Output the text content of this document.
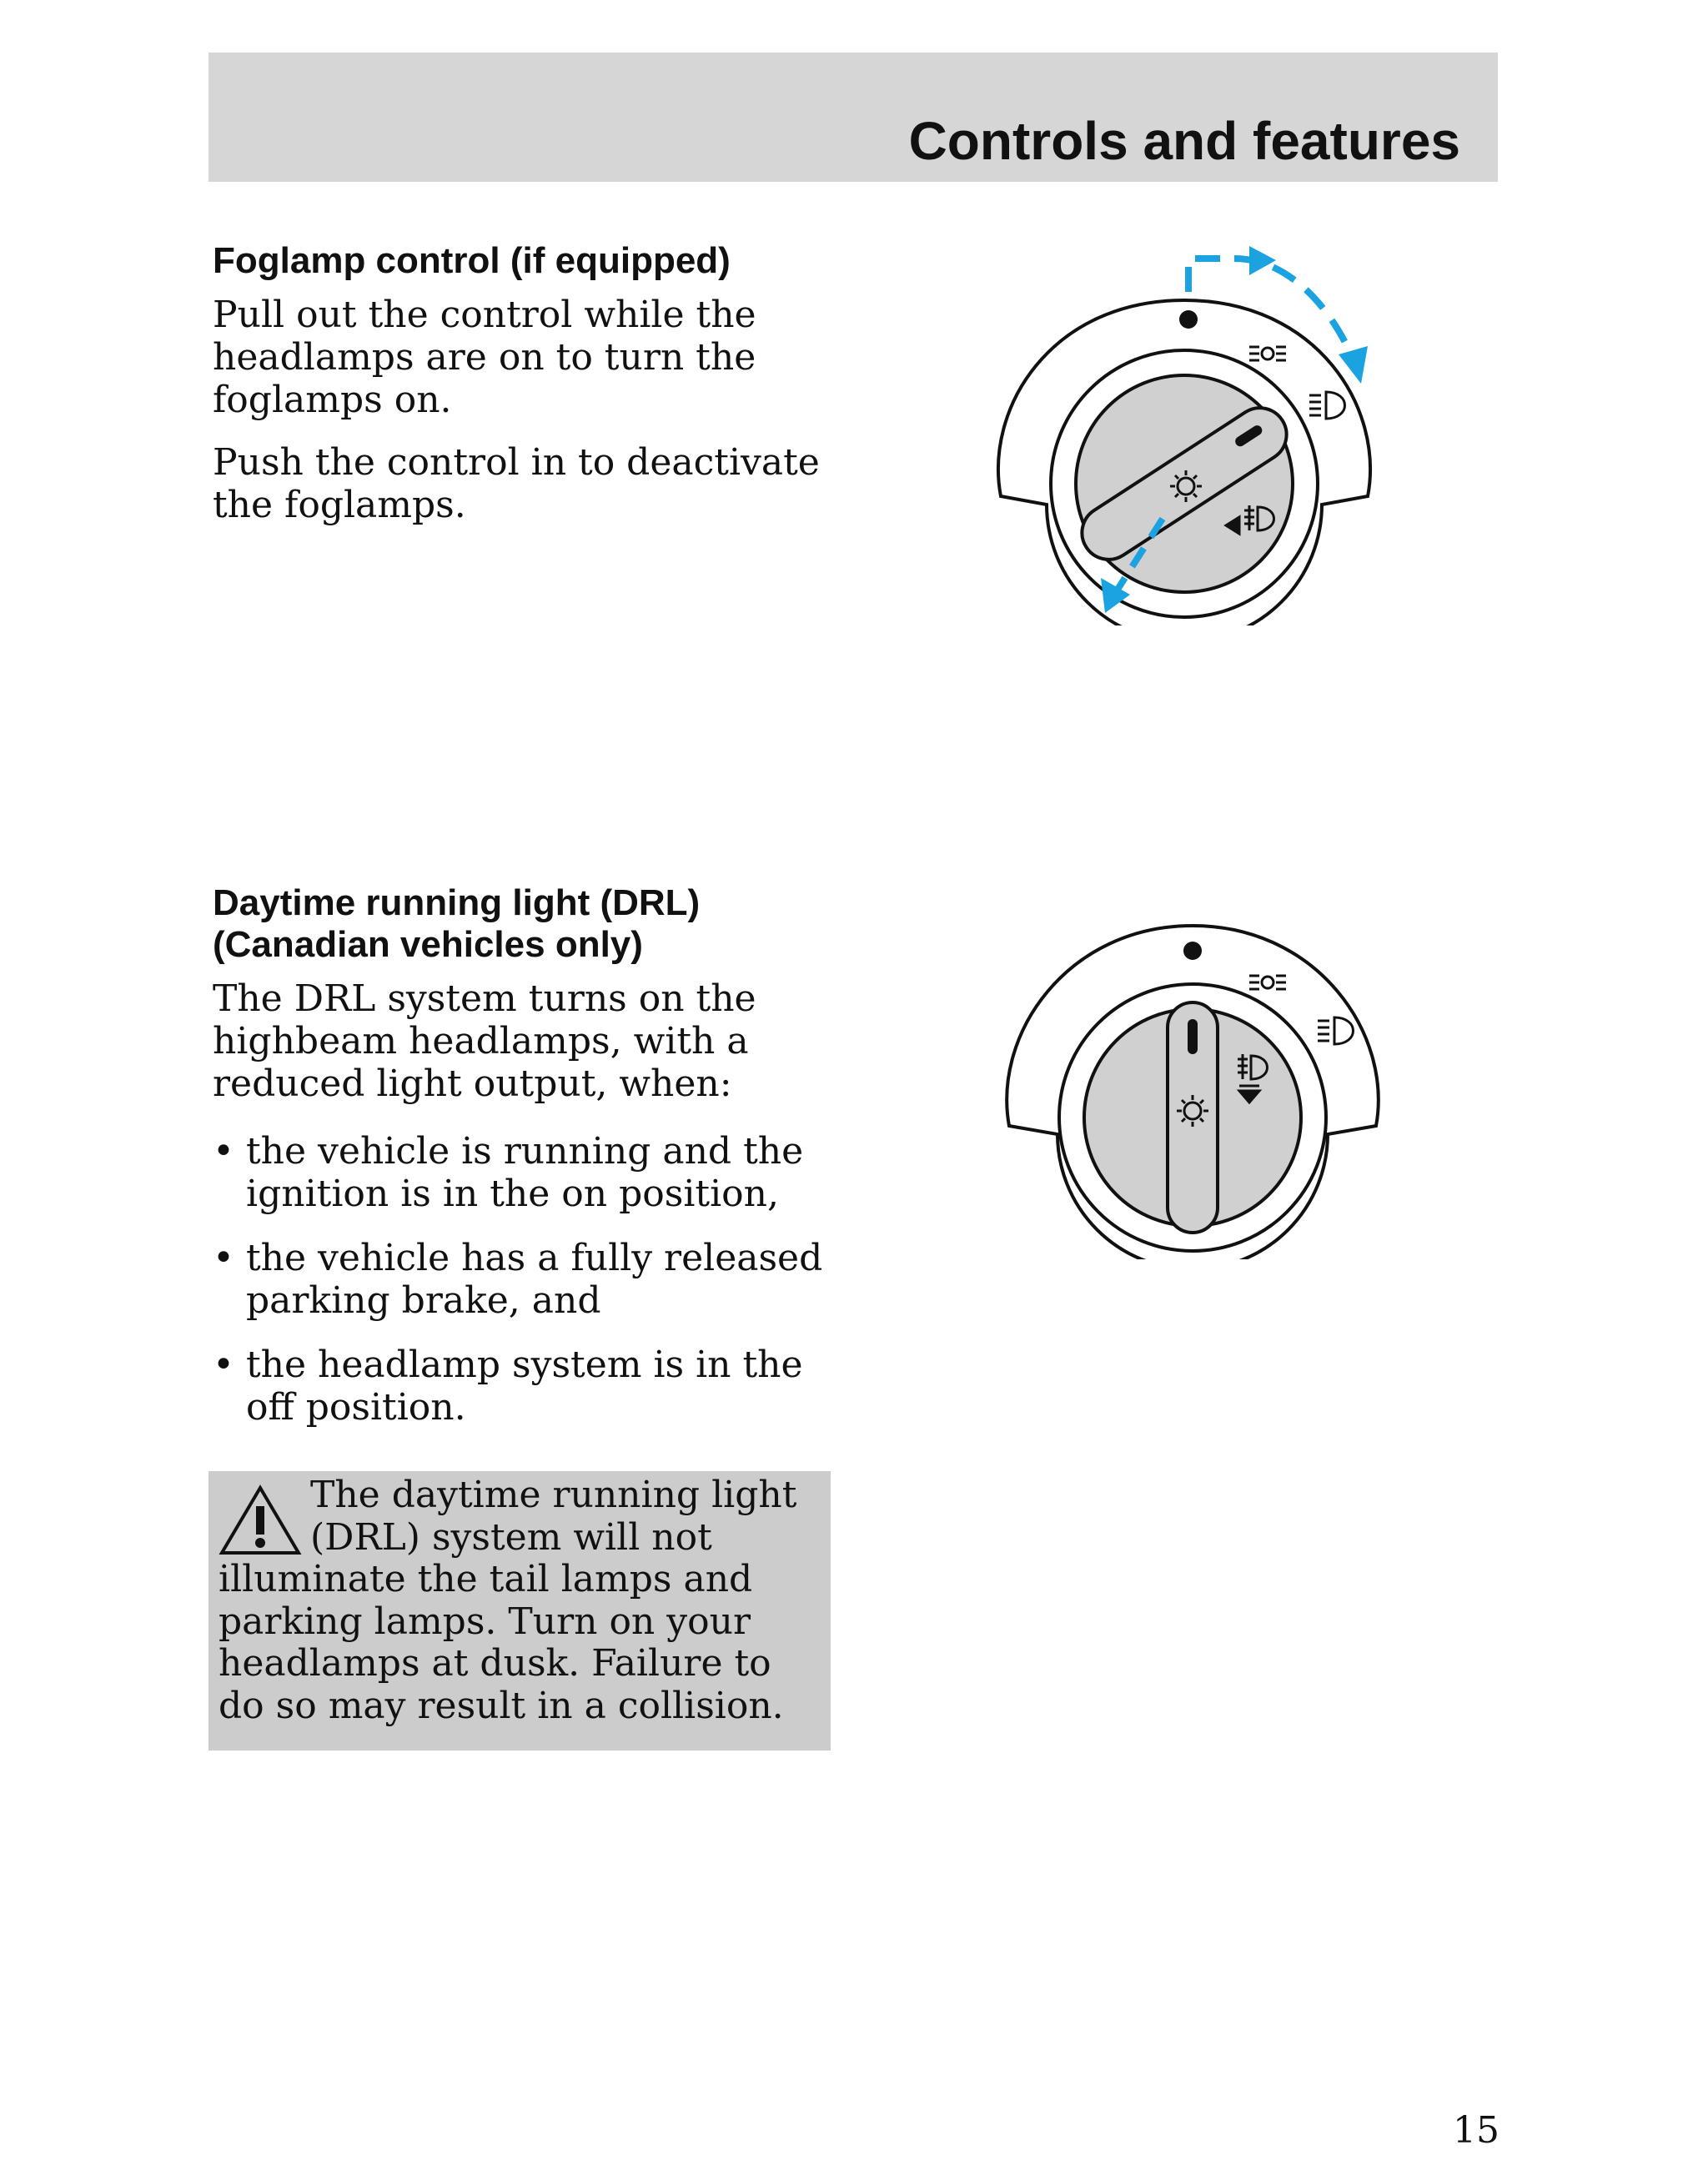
Controls and features
Foglamp control (if equipped)

Pull out the control while the headlamps are on to turn the foglamps on.

Push the control in to deactivate the foglamps.

Daytime running light (DRL)
(Canadian vehicles only)

The DRL system turns on the highbeam headlamps, with a reduced light output, when:

• the vehicle is running and the ignition is in the on position,
• the vehicle has a fully released parking brake, and
• the headlamp system is in the off position.
The daytime running light (DRL) system will not illuminate the tail lamps and parking lamps. Turn on your headlamps at dusk. Failure to do so may result in a collision.
15
